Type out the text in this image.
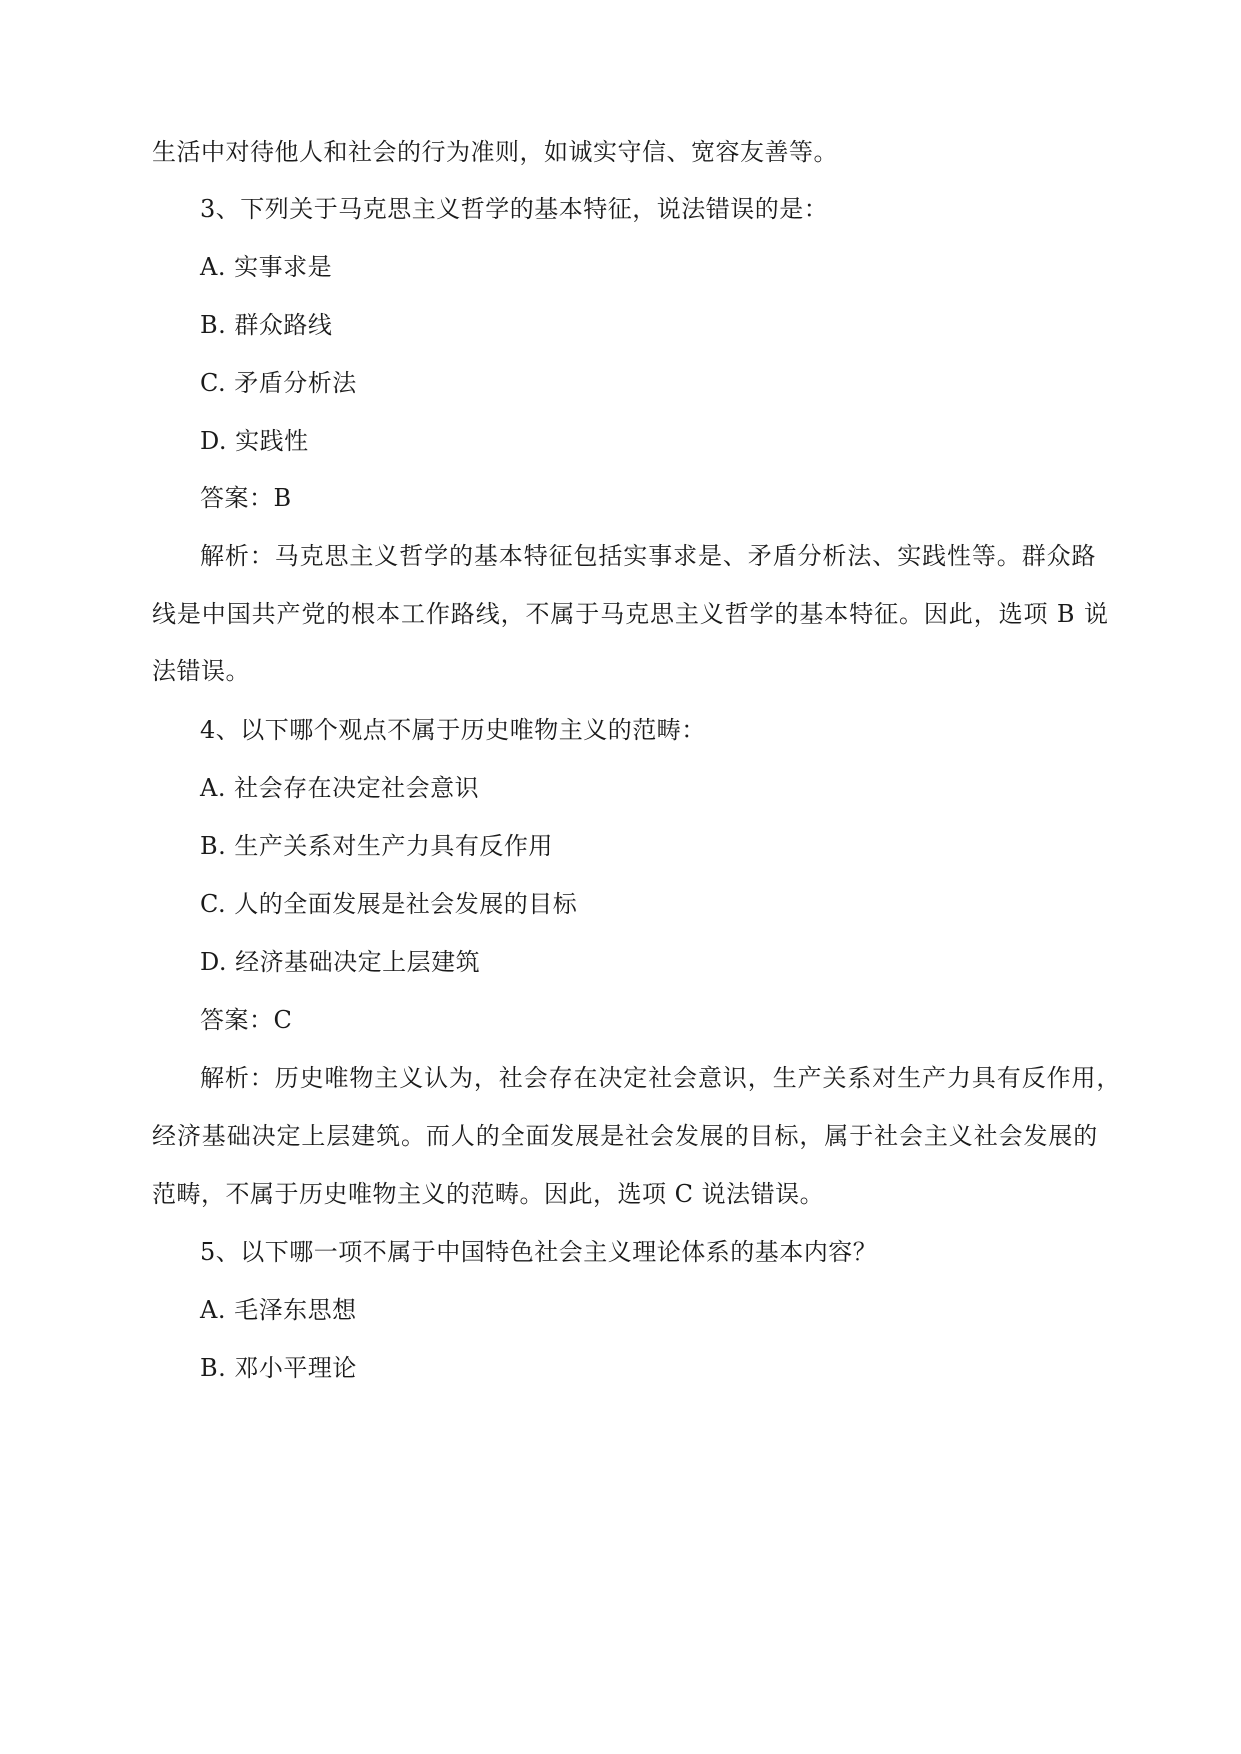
生活中对待他人和社会的行为准则，如诚实守信、宽容友善等。
3、下列关于马克思主义哲学的基本特征，说法错误的是：
A. 实事求是
B. 群众路线
C. 矛盾分析法
D. 实践性
答案：B
解析：马克思主义哲学的基本特征包括实事求是、矛盾分析法、实践性等。群众路
线是中国共产党的根本工作路线，不属于马克思主义哲学的基本特征。因此，选项 B 说
法错误。
4、以下哪个观点不属于历史唯物主义的范畴：
A. 社会存在决定社会意识
B. 生产关系对生产力具有反作用
C. 人的全面发展是社会发展的目标
D. 经济基础决定上层建筑
答案：C
解析：历史唯物主义认为，社会存在决定社会意识，生产关系对生产力具有反作用，
经济基础决定上层建筑。而人的全面发展是社会发展的目标，属于社会主义社会发展的
范畴，不属于历史唯物主义的范畴。因此，选项 C 说法错误。
5、以下哪一项不属于中国特色社会主义理论体系的基本内容？
A. 毛泽东思想
B. 邓小平理论
